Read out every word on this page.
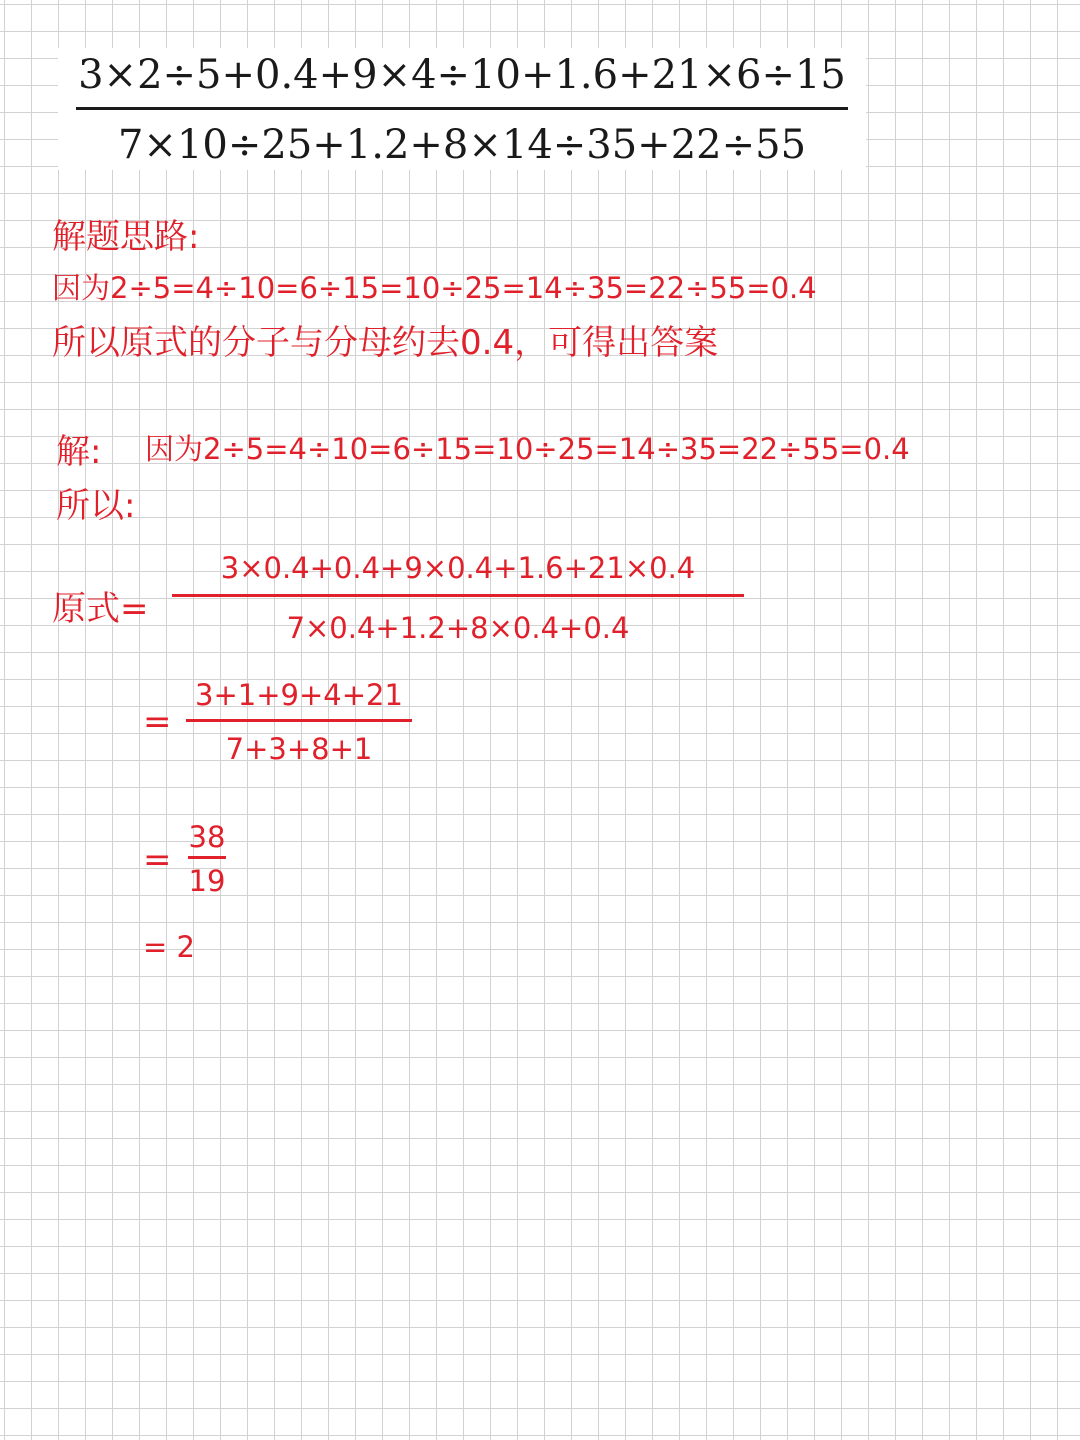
3×2÷5+0.4+9×4÷10+1.6+21×6÷15
7×10÷25+1.2+8×14÷35+22÷55
解题思路:
因为2÷5=4÷10=6÷15=10÷25=14÷35=22÷55=0.4
所以原式的分子与分母约去0.4，可得出答案
解: 因为2÷5=4÷10=6÷15=10÷25=14÷35=22÷55=0.4
所以:
原式=
3×0.4+0.4+9×0.4+1.6+21×0.4
7×0.4+1.2+8×0.4+0.4
=
3+1+9+4+21
7+3+8+1
=
38
19
= 2
